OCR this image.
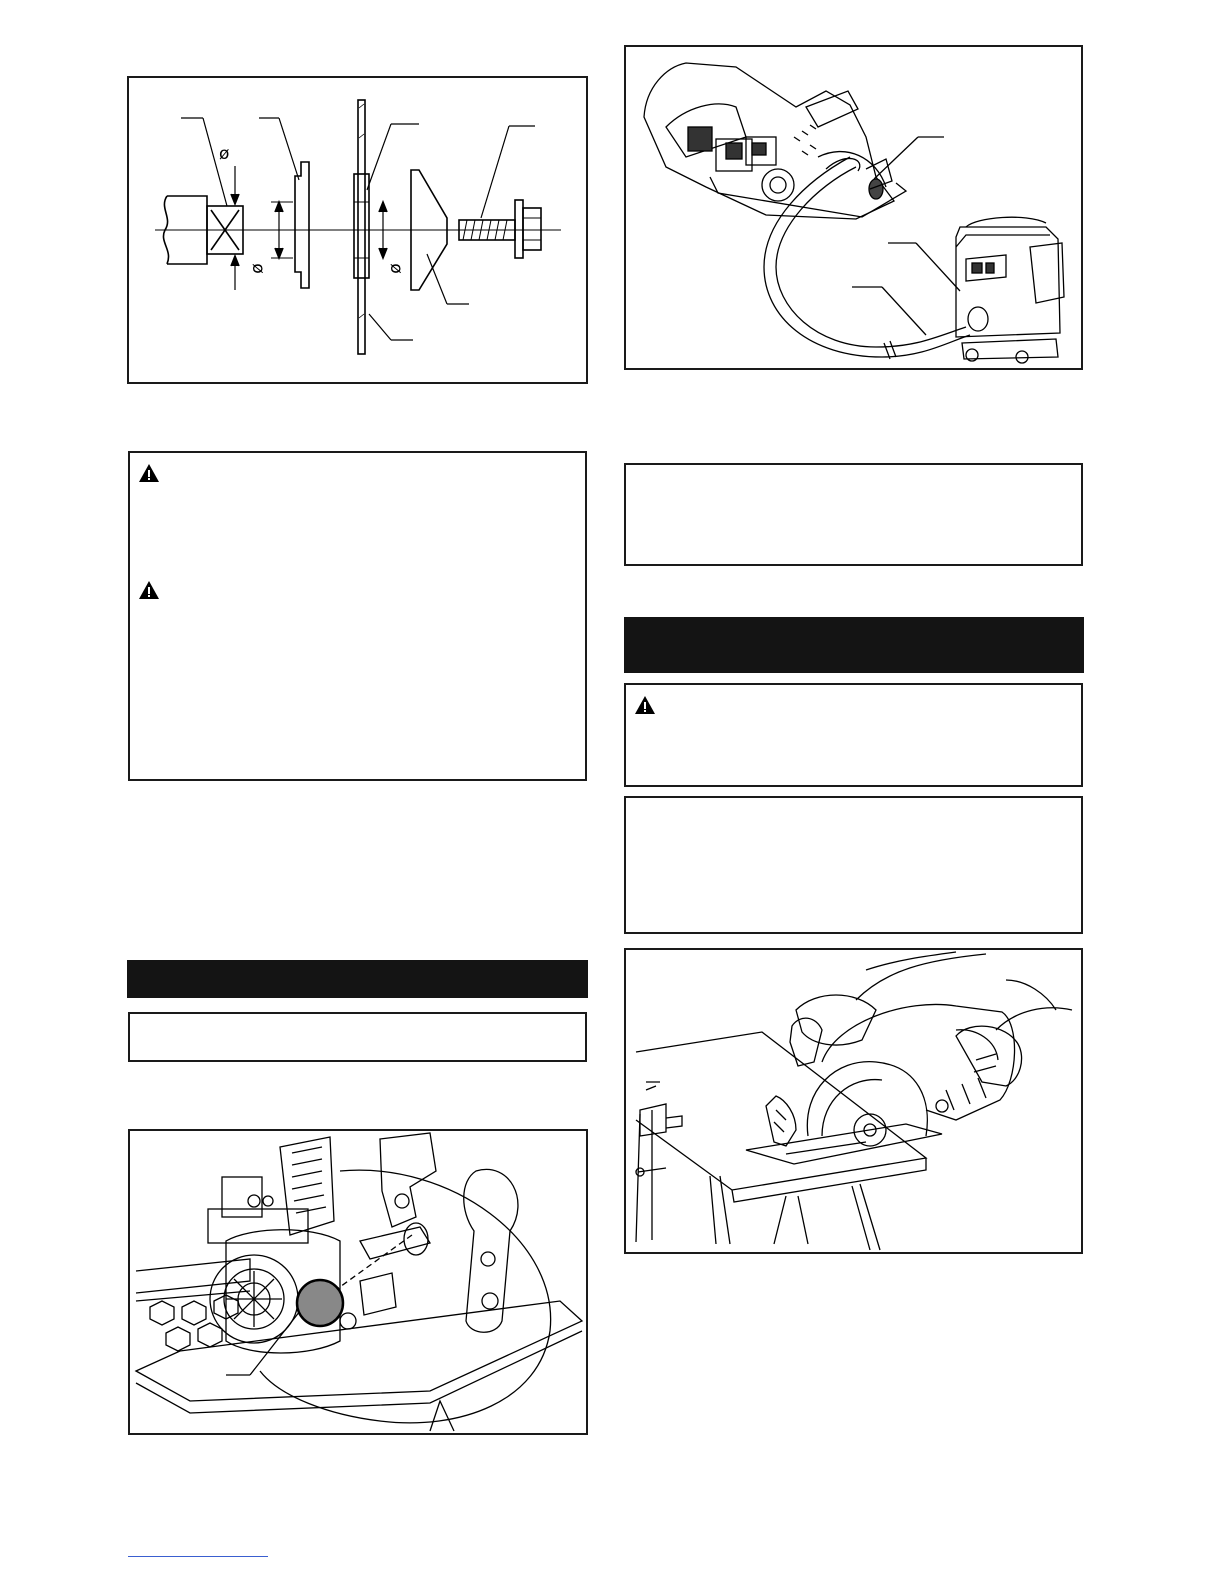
ø
ø	ø
